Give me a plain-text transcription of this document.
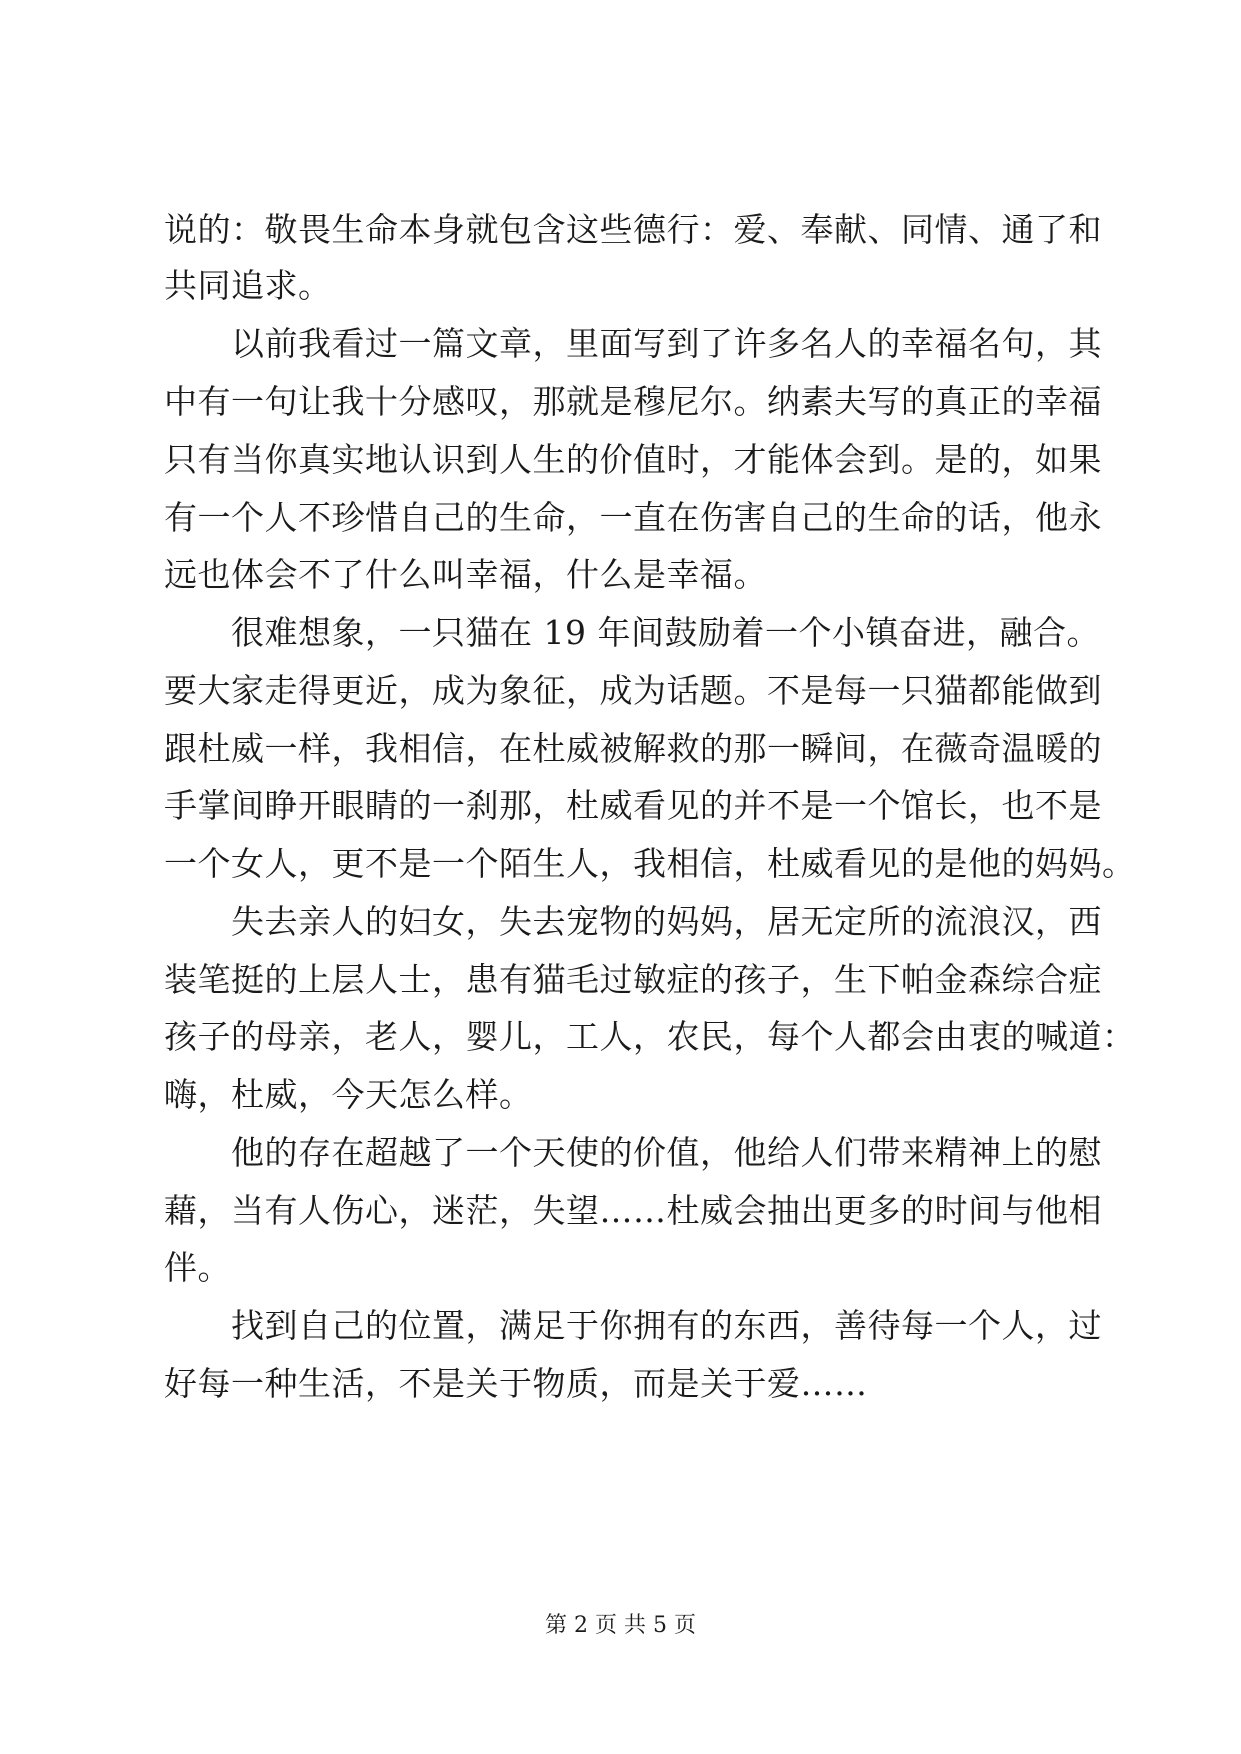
说的：敬畏生命本身就包含这些德行：爱、奉献、同情、通了和
共同追求。
　　以前我看过一篇文章，里面写到了许多名人的幸福名句，其
中有一句让我十分感叹，那就是穆尼尔。纳素夫写的真正的幸福
只有当你真实地认识到人生的价值时，才能体会到。是的，如果
有一个人不珍惜自己的生命，一直在伤害自己的生命的话，他永
远也体会不了什么叫幸福，什么是幸福。
　　很难想象，一只猫在 19 年间鼓励着一个小镇奋进，融合。
要大家走得更近，成为象征，成为话题。不是每一只猫都能做到
跟杜威一样，我相信，在杜威被解救的那一瞬间，在薇奇温暖的
手掌间睁开眼睛的一刹那，杜威看见的并不是一个馆长，也不是
一个女人，更不是一个陌生人，我相信，杜威看见的是他的妈妈。
　　失去亲人的妇女，失去宠物的妈妈，居无定所的流浪汉，西
装笔挺的上层人士，患有猫毛过敏症的孩子，生下帕金森综合症
孩子的母亲，老人，婴儿，工人，农民，每个人都会由衷的喊道：
嗨，杜威，今天怎么样。
　　他的存在超越了一个天使的价值，他给人们带来精神上的慰
藉，当有人伤心，迷茫，失望……杜威会抽出更多的时间与他相
伴。
　　找到自己的位置，满足于你拥有的东西，善待每一个人，过
好每一种生活，不是关于物质，而是关于爱……
第 2 页 共 5 页
